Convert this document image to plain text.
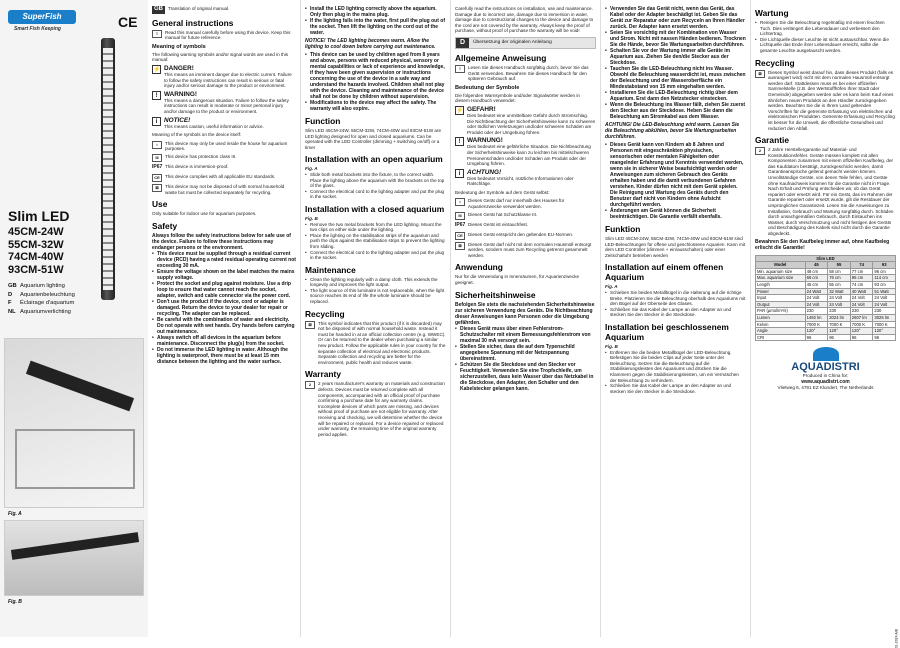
SuperFish
Smart Fish Keeping	CE
Slim LED
45CM-24W
55CM-32W
74CM-40W
93CM-51W
GB Aquarium lighting
D Aquarienbeleuchtung
F Éclairage d'aquarium
NL Aquariumverlichting
Fig. A
Fig. B
GB Translation of original manual.
General instructions
≡	Read this manual carefully before using this device. Keep this manual for future reference.
Meaning of symbols
The following warning symbols and/or signal words are used in this manual:
⚡ DANGER!
This means an imminent danger due to electric current. Failure to follow the safety instructions can result in serious or fatal injury and/or serious damage to the product or environment.
!	WARNING!
This means a dangerous situation. Failure to follow the safety instructions can result in moderate or minor personal injury and/or damage to the product or environment.
i	NOTICE!
This means caution, useful information or advice.
Meaning of the symbols on the device itself:
⌂	This device may only be used inside the house for aquarium purposes.
III	This device has protection class III.
IP67 This device is immersion-proof.
CE	This device complies with all applicable EU standards.
⊠	This device may not be disposed of with normal household waste but must be collected separately for recycling.
Use
Only suitable for indoor use for aquarium purposes.
Safety
Always follow the safety instructions below for safe use of the device. Failure to follow these instructions may endanger persons or the environment.
• This device must be supplied through a residual current device (RCD) having a rated residual operating current not exceeding 30 mA.
• Ensure the voltage shown on the label matches the mains supply voltage.
• Protect the socket and plug against moisture. Use a drip loop to ensure that water cannot reach the socket, adapter, switch and cable connector via the power cord.
• Don't use the product if the device, cord or adapter is damaged. Return the device to your dealer for repair or recycling. The adapter can be replaced.
• Be careful with the combination of water and electricity. Do not operate with wet hands. Dry hands before carrying out maintenance.
• Always switch off all devices in the aquarium before maintenance. Disconnect the plug(s) from the socket.
• Do not immerse the LED lighting in water. Although the lighting is waterproof, there must be at least 15 mm distance between the lighting and the water surface.
• Install the LED lighting correctly above the aquarium. Only then plug in the mains plug.
• If the lighting falls into the water, first pull the plug out of the socket. Then lift the lighting on the cord out of the water.
NOTICE! The LED lighting becomes warm. Allow the lighting to cool down before carrying out maintenance.
• This device can be used by children aged from 8 years and above, persons with reduced physical, sensory or mental capabilities or lack of experience and knowledge, if they have been given supervision or instructions concerning the use of the device in a safe way and understand the hazards involved. Children shall not play with the device. Cleaning and maintenance of the device shall not be done by children without supervision.
• Modifications to the device may affect the safety. The warranty will also expire.
Function
Slim LED 45CM-24W, 55CM-32W, 74CM-40W and 93CM-51W are LED lighting designed for open and closed aquariums. Can be operated with the LED Controller (dimming + switching on/off) or a timer
Installation with an open aquarium
Fig. A
• Slide both metal brackets into the fixture, to the correct width. Place the lighting above the aquarium with the brackets on the top of the glass.
• Connect the electrical cord to the lighting adapter and put the plug in the socket.
Installation with a closed aquarium
Fig. B
• Remove the two metal brackets from the LED lighting. Mount the two clips on either side under the lighting.
• Place the lighting on the stabilisation strips of the aquarium and push the clips against the stabilisation strips to prevent the lighting from sliding.
• Connect the electrical cord to the lighting adapter and put the plug in the socket.
Maintenance
• Clean the lighting regularly with a damp cloth. This extends the longevity and improves the light output.
• The light source of this luminaire is not replaceable, when the light source reaches its end of life the whole luminaire should be replaced.
Recycling
⊠	This symbol indicates that this product (if it is discarded) may not be disposed of with normal household waste. Instead it must be handed in at an official collection centre (e.g. WWEC). Or can be returned to the dealer when purchasing a similar new product. Follow the applicable rules in your country for the separate collection of electrical and electronic products. Separate collection and recycling are better for the environment, public health and reduces waste.
Warranty
2	2 years manufacturer's warranty on materials and construction defects. Devices must be returned complete with all components, accompanied with an official proof of purchase confirming a purchase date for any warranty claims. Incomplete devices of which parts are missing, and devices without proof of purchase are not eligible for warranty. After receiving and checking, we will determine whether the device will be repaired or replaced. For a device repaired or replaced under warranty, the remaining time of the original warranty period applies.
Carefully read the instructions on installation, use and maintenance. Damage due to incorrect use, damage due to immersion in water, damage due to constructional changes to the device and damage to the cord are not covered by the warranty. Always keep the proof of purchase, without proof of purchase the warranty will be void!
D	Übersetzung der originalen Anleitung
Allgemeine Anweisung
≡	Lesen Sie dieses Handbuch sorgfältig durch, bevor Sie das Gerät verwenden. Bewahren Sie dieses Handbuch für den späteren Gebrauch auf.
Bedeutung der Symbole
Die folgenden Warnsymbole und/oder Signalwörter werden in diesem Handbuch verwendet:
⚡ GEFAHR!
Dies bedeutet eine unmittelbare Gefahr durch Stromschlag. Die Nichtbeachtung der Sicherheitshinweise kann zu schweren oder tödlichen Verletzungen und/oder schweren Schäden am Produkt oder der Umgebung führen.
!	WARNUNG!
Dies bedeutet eine gefährliche Situation. Die Nichtbeachtung der Sicherheitshinweise kann zu leichten bis mittelschweren Personenschäden und/oder Schäden am Produkt oder der Umgebung führen.
i	ACHTUNG!
Dies bedeutet Vorsicht, nützliche Informationen oder Ratschläge.
Bedeutung der Symbole auf dem Gerät selbst:
⌂	Dieses Gerät darf nur innerhalb des Hauses für Aquarienzwecke verwendet werden.
III	Dieses Gerät hat Schutzklasse III.
IP67 Dieses Gerät ist eintauchfest.
CE	Dieses Gerät entspricht den geltenden EU-Normen.
⊠	Dieses Gerät darf nicht mit dem normalen Hausmüll entsorgt werden, sondern muss zum Recycling getrennt gesammelt werden.
Anwendung
Nur für die Verwendung in Innenräumen, für Aquarienzwecke geeignet.
Sicherheitshinweise
Befolgen Sie stets die nachstehenden Sicherheitshinweise zur sicheren Verwendung des Geräts. Die Nichtbeachtung dieser Anweisungen kann Personen oder die Umgebung gefährden.
• Dieses Gerät muss über einen Fehlerstrom-Schutzschalter mit einem Bemessungsfehlerstrom von maximal 30 mA versorgt sein.
• Stellen Sie sicher, dass die auf dem Typenschild angegebene Spannung mit der Netzspannung übereinstimmt.
• Schützen Sie die Steckdose und den Stecker vor Feuchtigkeit. Verwenden Sie eine Tropfschleife, um sicherzustellen, dass kein Wasser über das Netzkabel in die Steckdose, den Adapter, den Schalter und den Kabelstecker gelangen kann.
• Verwenden Sie das Gerät nicht, wenn das Gerät, das Kabel oder der Adapter beschädigt ist. Geben Sie das Gerät zur Reparatur oder zum Recyceln an Ihren Händler zurück. Der Adapter kann ersetzt werden.
• Seien Sie vorsichtig mit der Kombination von Wasser und Strom. Nicht mit nassen Händen bedienen. Trocknen Sie die Hände, bevor Sie Wartungsarbeiten durchführen.
• Schalten Sie vor der Wartung immer alle Geräte im Aquarium aus. Ziehen Sie den/die Stecker aus der Steckdose.
• Tauchen Sie die LED-Beleuchtung nicht ins Wasser. Obwohl die Beleuchtung wasserdicht ist, muss zwischen der Beleuchtung und der Wasseroberfläche ein Mindestabstand von 15 mm eingehalten werden.
• Installieren Sie die LED-Beleuchtung richtig über dem Aquarium. Erst dann den Netzstecker einstecken.
• Wenn die Beleuchtung ins Wasser fällt, ziehen Sie zuerst den Stecker aus der Steckdose. Heben Sie dann die Beleuchtung am Stromkabel aus dem Wasser.
ACHTUNG! Die LED-Beleuchtung wird warm. Lassen Sie die Beleuchtung abkühlen, bevor Sie Wartungsarbeiten durchführen.
• Dieses Gerät kann von Kindern ab 8 Jahren und Personen mit eingeschränkten physischen, sensorischen oder mentalen Fähigkeiten oder mangelnder Erfahrung und Kenntnis verwendet werden, wenn sie in sicherer Weise beaufsichtigt werden oder Anweisungen zum sicheren Gebrauch des Geräts erhalten haben und die damit verbundenen Gefahren verstehen. Kinder dürfen nicht mit dem Gerät spielen. Die Reinigung und Wartung des Geräts durch den Benutzer darf nicht von Kindern ohne Aufsicht durchgeführt werden.
• Änderungen am Gerät können die Sicherheit beeinträchtigen. Die Garantie verfällt ebenfalls.
Funktion
Slim LED 45CM-24W, 55CM-32W, 74CM-40W und 93CM-51W sind LED-Beleuchtungen für offene und geschlossene Aquarien. Kann mit dem LED Controller (dimmen + ein/ausschalten) oder einer Zeitschaltuhr betrieben werden
Installation auf einem offenen Aquarium
Fig. A
• Schieben Sie beiden Metallbügel in die Halterung auf die richtige Breite. Platzieren Sie die Beleuchtung oberhalb des Aquariums mit den Bügel auf der Oberseite des Glases.
• Schließen Sie das Kabel der Lampe an den Adapter an und stecken Sie den Stecker in die Steckdose.
Installation bei geschlossenem Aquarium
Fig. B
• Entfernen Sie die beiden Metallbügel der LED-Beleuchtung. Befestigen Sie die beiden Clips auf jeder Seite unter der Beleuchtung. Setzen Sie die Beleuchtung auf die Stabilisierungsleisten des Aquariums und drücken Sie die Klammern gegen die Stabilisierungsleisten, um ein Verrutschen der Beleuchtung zu verhindern.
• Schließen Sie das Kabel der Lampe an den Adapter an und stecken Sie den Stecker in die Steckdose.
Wartung
• Reinigen Sie die Beleuchtung regelmäßig mit einem feuchten Tuch. Dies verlängert die Lebensdauer und verbessert den Lichtertrag.
• Die Lichtquelle dieser Leuchte ist nicht austauschbar. Wenn die Lichtquelle das Ende ihrer Lebensdauer erreicht, sollte die gesamte Leuchte ausgetauscht werden.
Recycling
⊠	Dieses Symbol weist darauf hin, dass dieses Produkt (falls es ausrangiert wird) nicht mit dem normalen Hausmüll entsorgt werden darf. Stattdessen muss es bei einer offiziellen Sammelstelle (z.B. den Wertstoffhöfen Ihrer Stadt oder Gemeinde) abgegeben werden oder es kann beim Kauf eines ähnlichen neuen Produkts an den Händler zurückgegeben werden. Beachten Sie die in Ihrem Land geltenden Vorschriften für die getrennte Erfassung von elektrischen und elektronischen Produkten. Getrennte Erfassung und Recycling ist besser für die Umwelt, die öffentliche Gesundheit und reduziert den Abfall.
Garantie
2	2 Jahre Herstellergarantie auf Material- und Konstruktionsfehler. Geräte müssen komplett mit allen Komponenten zusammen mit einem offiziellen Kaufbeleg, der das Kaufdatum bestätigt, zurückgeschickt werden, damit Garantieansprüche geltend gemacht werden können. Unvollständige Geräte, von denen Teile fehlen, und Geräte ohne Kaufnachweis kommen für die Garantie nicht in Frage. Nach Erhalt und Prüfung entscheiden wir, ob das Gerät repariert oder ersetzt wird. Für ein Gerät, das im Rahmen der Garantie repariert oder ersetzt wurde, gilt die Restdauer der ursprünglichen Garantiezeit. Lesen Sie die Anweisungen zu Installation, Gebrauch und Wartung sorgfältig durch. Schäden durch unsachgemäßen Gebrauch, durch Eintauchen ins Wasser, durch Verschmutzung und nicht festigen des Geräts und Beschädigung des Kabels sind nicht durch die Garantie abgedeckt.
Bewahren Sie den Kaufbeleg immer auf, ohne Kaufbeleg erlischt die Garantie!
Slim LED				
Model	45	55	74	93
Min. aquarium size	48 cm	58 cm	77 cm	96 cm
Max. aquarium size	66 cm	76 cm	95 cm	114 cm
Length	45 cm	55 cm	74 cm	93 cm
Power	24 Watt	32 Watt	40 Watt	51 Watt
Input	24 Volt	24 Volt	24 Volt	24 Volt
Output	24 Volt	24 Volt	24 Volt	24 Volt
PAR (µmol/m²/s)	230	230	230	230
Lumen	1492 lm	2024 lm	2607 lm	3025 lm
Kelvin	7000 K	7000 K	7000 K	7000 K
Angle	120°	120°	120°	120°
CRI	96	96	96	96
AQUADISTRI
Produced in China for:
www.aquadistri.com
Vlietweg 6, 4791 EZ Klundert, The Netherlands
01-2024 A/B
